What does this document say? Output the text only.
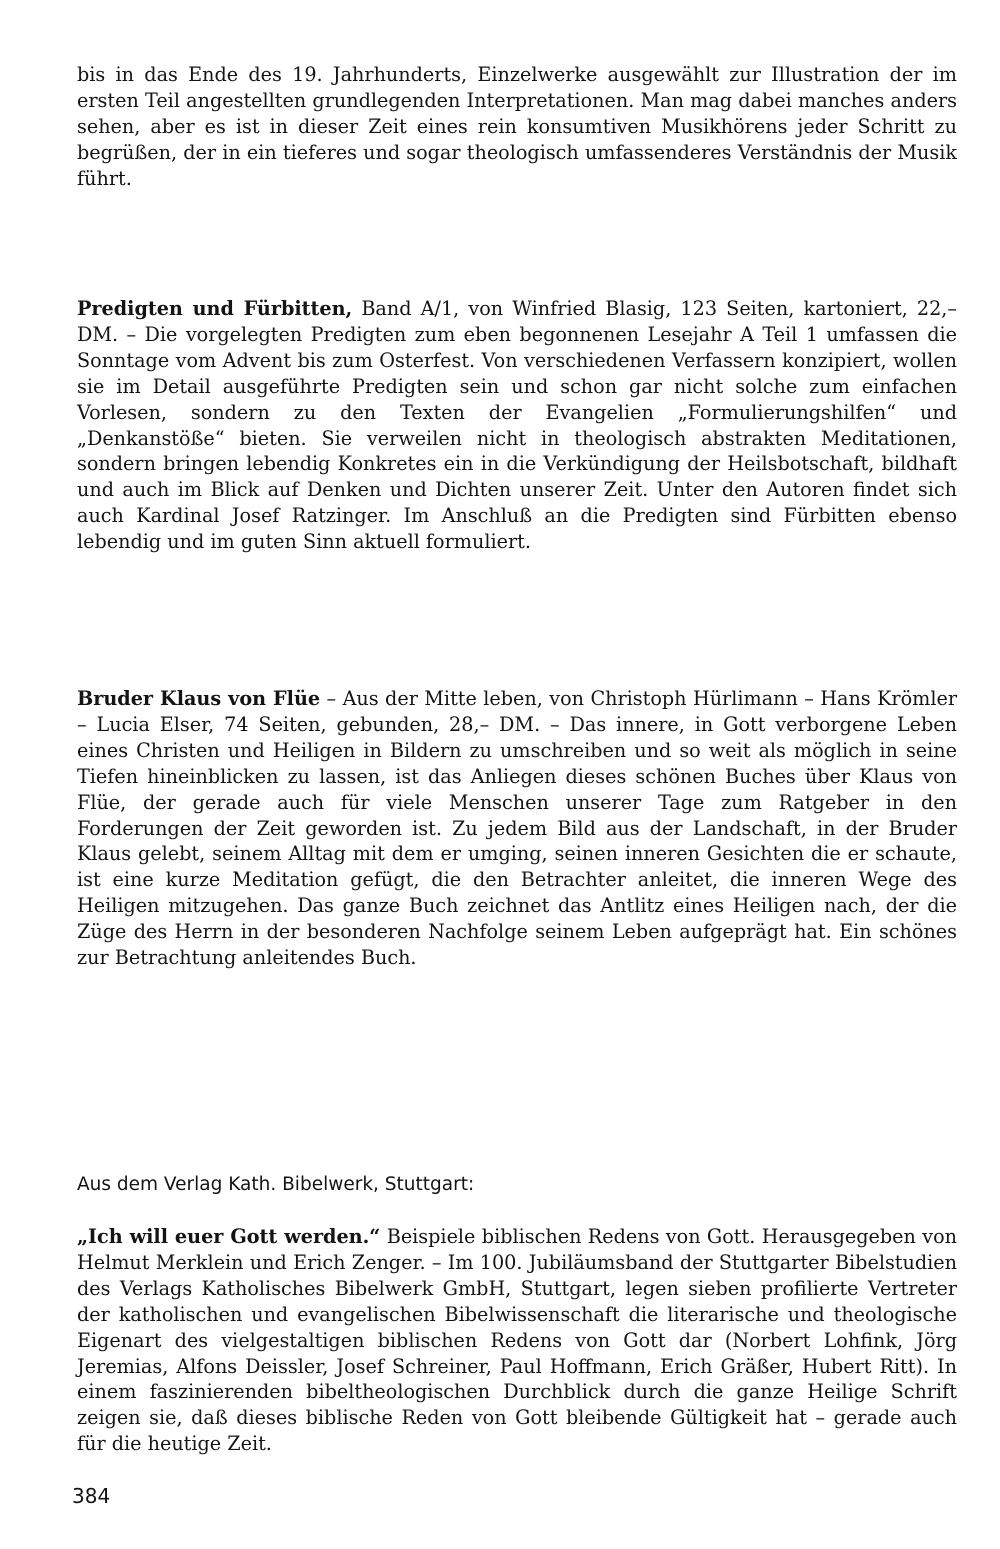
bis in das Ende des 19. Jahrhunderts, Einzelwerke ausgewählt zur Illustration der im ersten Teil angestellten grundlegenden Interpretationen. Man mag dabei manches anders sehen, aber es ist in dieser Zeit eines rein konsumtiven Musikhörens jeder Schritt zu begrüßen, der in ein tieferes und sogar theologisch umfassenderes Verständnis der Musik führt.

Predigten und Fürbitten, Band A/1, von Winfried Blasig, 123 Seiten, kartoniert, 22,– DM. – Die vorgelegten Predigten zum eben begonnenen Lesejahr A Teil 1 umfassen die Sonntage vom Advent bis zum Osterfest. Von verschiedenen Verfassern konzipiert, wollen sie im Detail ausgeführte Predigten sein und schon gar nicht solche zum einfachen Vorlesen, sondern zu den Texten der Evangelien „Formulierungshilfen“ und „Denkanstöße“ bieten. Sie verweilen nicht in theologisch abstrakten Meditationen, sondern bringen lebendig Konkretes ein in die Verkündigung der Heilsbotschaft, bildhaft und auch im Blick auf Denken und Dichten unserer Zeit. Unter den Autoren findet sich auch Kardinal Josef Ratzinger. Im Anschluß an die Predigten sind Fürbitten ebenso lebendig und im guten Sinn aktuell formuliert.

Bruder Klaus von Flüe – Aus der Mitte leben, von Christoph Hürlimann – Hans Krömler – Lucia Elser, 74 Seiten, gebunden, 28,– DM. – Das innere, in Gott verborgene Leben eines Christen und Heiligen in Bildern zu umschreiben und so weit als möglich in seine Tiefen hineinblicken zu lassen, ist das Anliegen dieses schönen Buches über Klaus von Flüe, der gerade auch für viele Menschen unserer Tage zum Ratgeber in den Forderungen der Zeit geworden ist. Zu jedem Bild aus der Landschaft, in der Bruder Klaus gelebt, seinem Alltag mit dem er umging, seinen inneren Gesichten die er schaute, ist eine kurze Meditation gefügt, die den Betrachter anleitet, die inneren Wege des Heiligen mitzugehen. Das ganze Buch zeichnet das Antlitz eines Heiligen nach, der die Züge des Herrn in der besonderen Nachfolge seinem Leben aufgeprägt hat. Ein schönes zur Betrachtung anleitendes Buch.

Aus dem Verlag Kath. Bibelwerk, Stuttgart:

„Ich will euer Gott werden.“ Beispiele biblischen Redens von Gott. Herausgegeben von Helmut Merklein und Erich Zenger. – Im 100. Jubiläumsband der Stuttgarter Bibelstudien des Verlags Katholisches Bibelwerk GmbH, Stuttgart, legen sieben profilierte Vertreter der katholischen und evangelischen Bibelwissenschaft die literarische und theologische Eigenart des vielgestaltigen biblischen Redens von Gott dar (Norbert Lohfink, Jörg Jeremias, Alfons Deissler, Josef Schreiner, Paul Hoffmann, Erich Gräßer, Hubert Ritt). In einem faszinierenden bibeltheologischen Durchblick durch die ganze Heilige Schrift zeigen sie, daß dieses biblische Reden von Gott bleibende Gültigkeit hat – gerade auch für die heutige Zeit.

384
